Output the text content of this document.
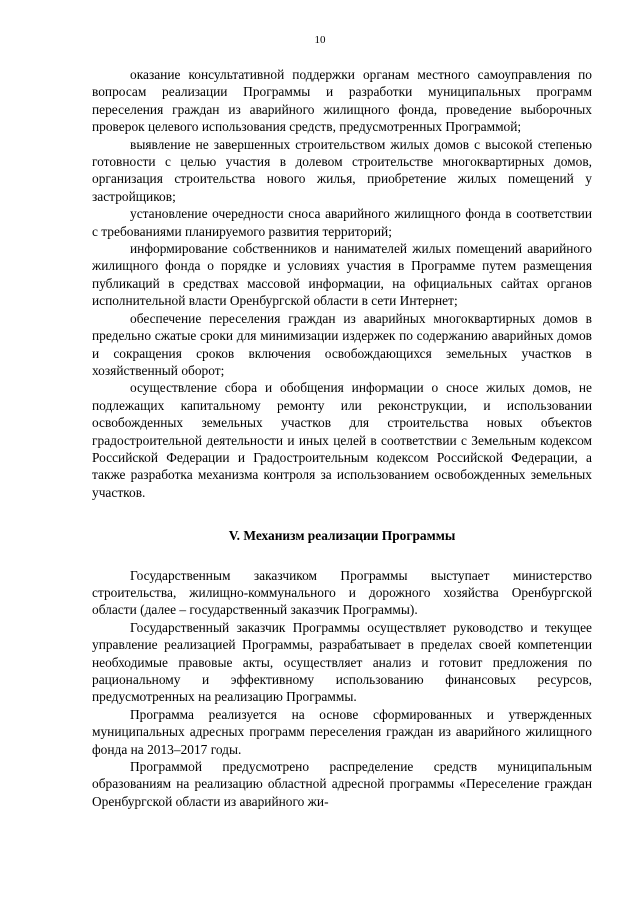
10

оказание консультативной поддержки органам местного самоуправления по вопросам реализации Программы и разработки муниципальных программ переселения граждан из аварийного жилищного фонда, проведение выборочных проверок целевого использования средств, предусмотренных Программой;

выявление не завершенных строительством жилых домов с высокой степенью готовности с целью участия в долевом строительстве многоквартирных домов, организация строительства нового жилья, приобретение жилых помещений у застройщиков;

установление очередности сноса аварийного жилищного фонда в соответствии с требованиями планируемого развития территорий;

информирование собственников и нанимателей жилых помещений аварийного жилищного фонда о порядке и условиях участия в Программе путем размещения публикаций в средствах массовой информации, на официальных сайтах органов исполнительной власти Оренбургской области в сети Интернет;

обеспечение переселения граждан из аварийных многоквартирных домов в предельно сжатые сроки для минимизации издержек по содержанию аварийных домов и сокращения сроков включения освобождающихся земельных участков в хозяйственный оборот;

осуществление сбора и обобщения информации о сносе жилых домов, не подлежащих капитальному ремонту или реконструкции, и использовании освобожденных земельных участков для строительства новых объектов градостроительной деятельности и иных целей в соответствии с Земельным кодексом Российской Федерации и Градостроительным кодексом Российской Федерации, а также разработка механизма контроля за использованием освобожденных земельных участков.

V. Механизм реализации Программы

Государственным заказчиком Программы выступает министерство строительства, жилищно-коммунального и дорожного хозяйства Оренбургской области (далее – государственный заказчик Программы).

Государственный заказчик Программы осуществляет руководство и текущее управление реализацией Программы, разрабатывает в пределах своей компетенции необходимые правовые акты, осуществляет анализ и готовит предложения по рациональному и эффективному использованию финансовых ресурсов, предусмотренных на реализацию Программы.

Программа реализуется на основе сформированных и утвержденных муниципальных адресных программ переселения граждан из аварийного жилищного фонда на 2013–2017 годы.

Программой предусмотрено распределение средств муниципальным образованиям на реализацию областной адресной программы «Переселение граждан Оренбургской области из аварийного жи-
